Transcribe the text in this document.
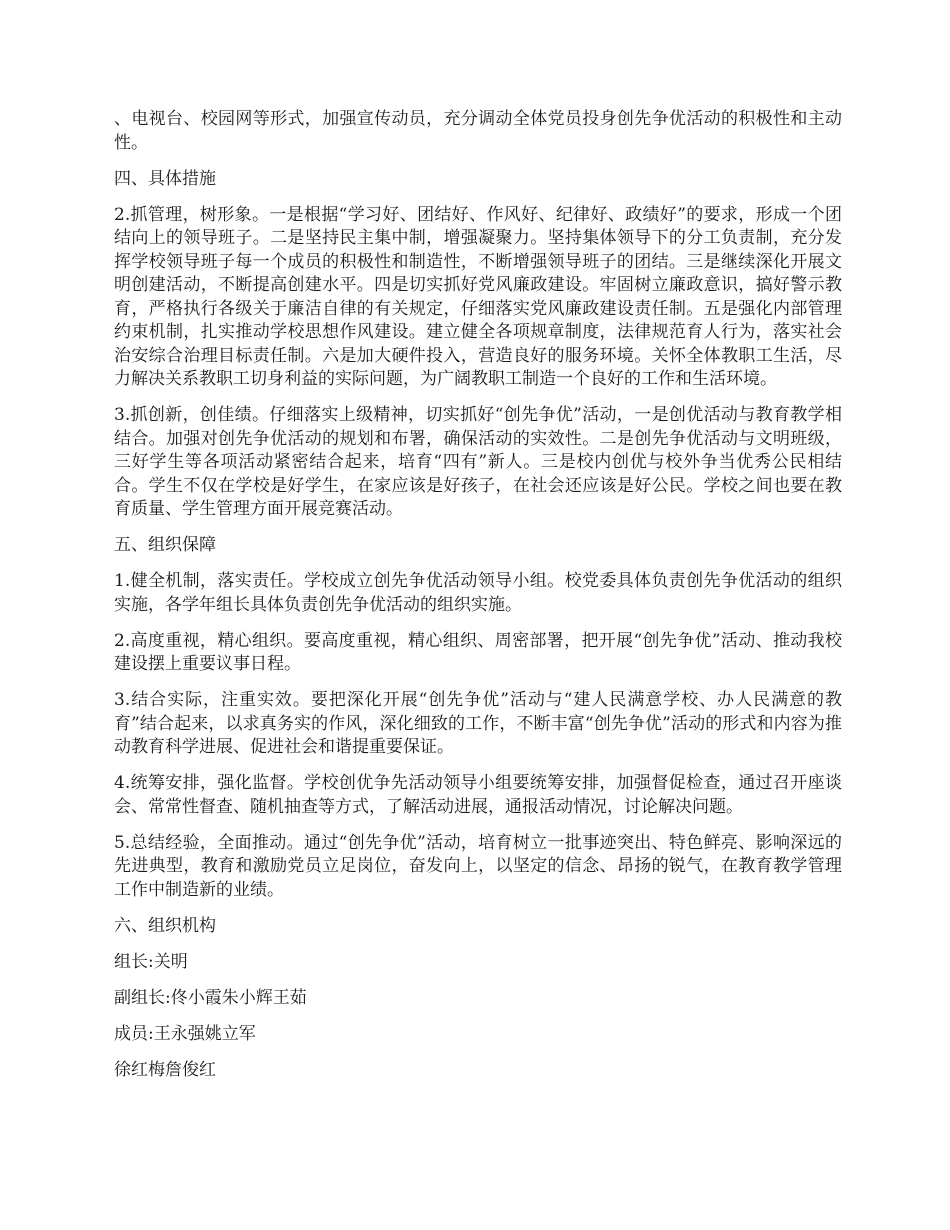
、电视台、校园网等形式，加强宣传动员，充分调动全体党员投身创先争优活动的积极性和主动性。

四、具体措施

2.抓管理，树形象。一是根据“学习好、团结好、作风好、纪律好、政绩好”的要求，形成一个团结向上的领导班子。二是坚持民主集中制，增强凝聚力。坚持集体领导下的分工负责制，充分发挥学校领导班子每一个成员的积极性和制造性，不断增强领导班子的团结。三是继续深化开展文明创建活动，不断提高创建水平。四是切实抓好党风廉政建设。牢固树立廉政意识，搞好警示教育，严格执行各级关于廉洁自律的有关规定，仔细落实党风廉政建设责任制。五是强化内部管理约束机制，扎实推动学校思想作风建设。建立健全各项规章制度，法律规范育人行为，落实社会治安综合治理目标责任制。六是加大硬件投入，营造良好的服务环境。关怀全体教职工生活，尽力解决关系教职工切身利益的实际问题，为广阔教职工制造一个良好的工作和生活环境。

3.抓创新，创佳绩。仔细落实上级精神，切实抓好“创先争优”活动，一是创优活动与教育教学相结合。加强对创先争优活动的规划和布署，确保活动的实效性。二是创先争优活动与文明班级，三好学生等各项活动紧密结合起来，培育“四有”新人。三是校内创优与校外争当优秀公民相结合。学生不仅在学校是好学生，在家应该是好孩子，在社会还应该是好公民。学校之间也要在教育质量、学生管理方面开展竞赛活动。

五、组织保障

1.健全机制，落实责任。学校成立创先争优活动领导小组。校党委具体负责创先争优活动的组织实施，各学年组长具体负责创先争优活动的组织实施。

2.高度重视，精心组织。要高度重视，精心组织、周密部署，把开展“创先争优”活动、推动我校建设摆上重要议事日程。

3.结合实际，注重实效。要把深化开展“创先争优”活动与“建人民满意学校、办人民满意的教育”结合起来，以求真务实的作风，深化细致的工作，不断丰富“创先争优”活动的形式和内容为推动教育科学进展、促进社会和谐提重要保证。

4.统筹安排，强化监督。学校创优争先活动领导小组要统筹安排，加强督促检查，通过召开座谈会、常常性督查、随机抽查等方式，了解活动进展，通报活动情况，讨论解决问题。

5.总结经验，全面推动。通过“创先争优”活动，培育树立一批事迹突出、特色鲜亮、影响深远的先进典型，教育和激励党员立足岗位，奋发向上，以坚定的信念、昂扬的锐气，在教育教学管理工作中制造新的业绩。

六、组织机构

组长:关明

副组长:佟小霞朱小辉王茹

成员:王永强姚立军

徐红梅詹俊红
